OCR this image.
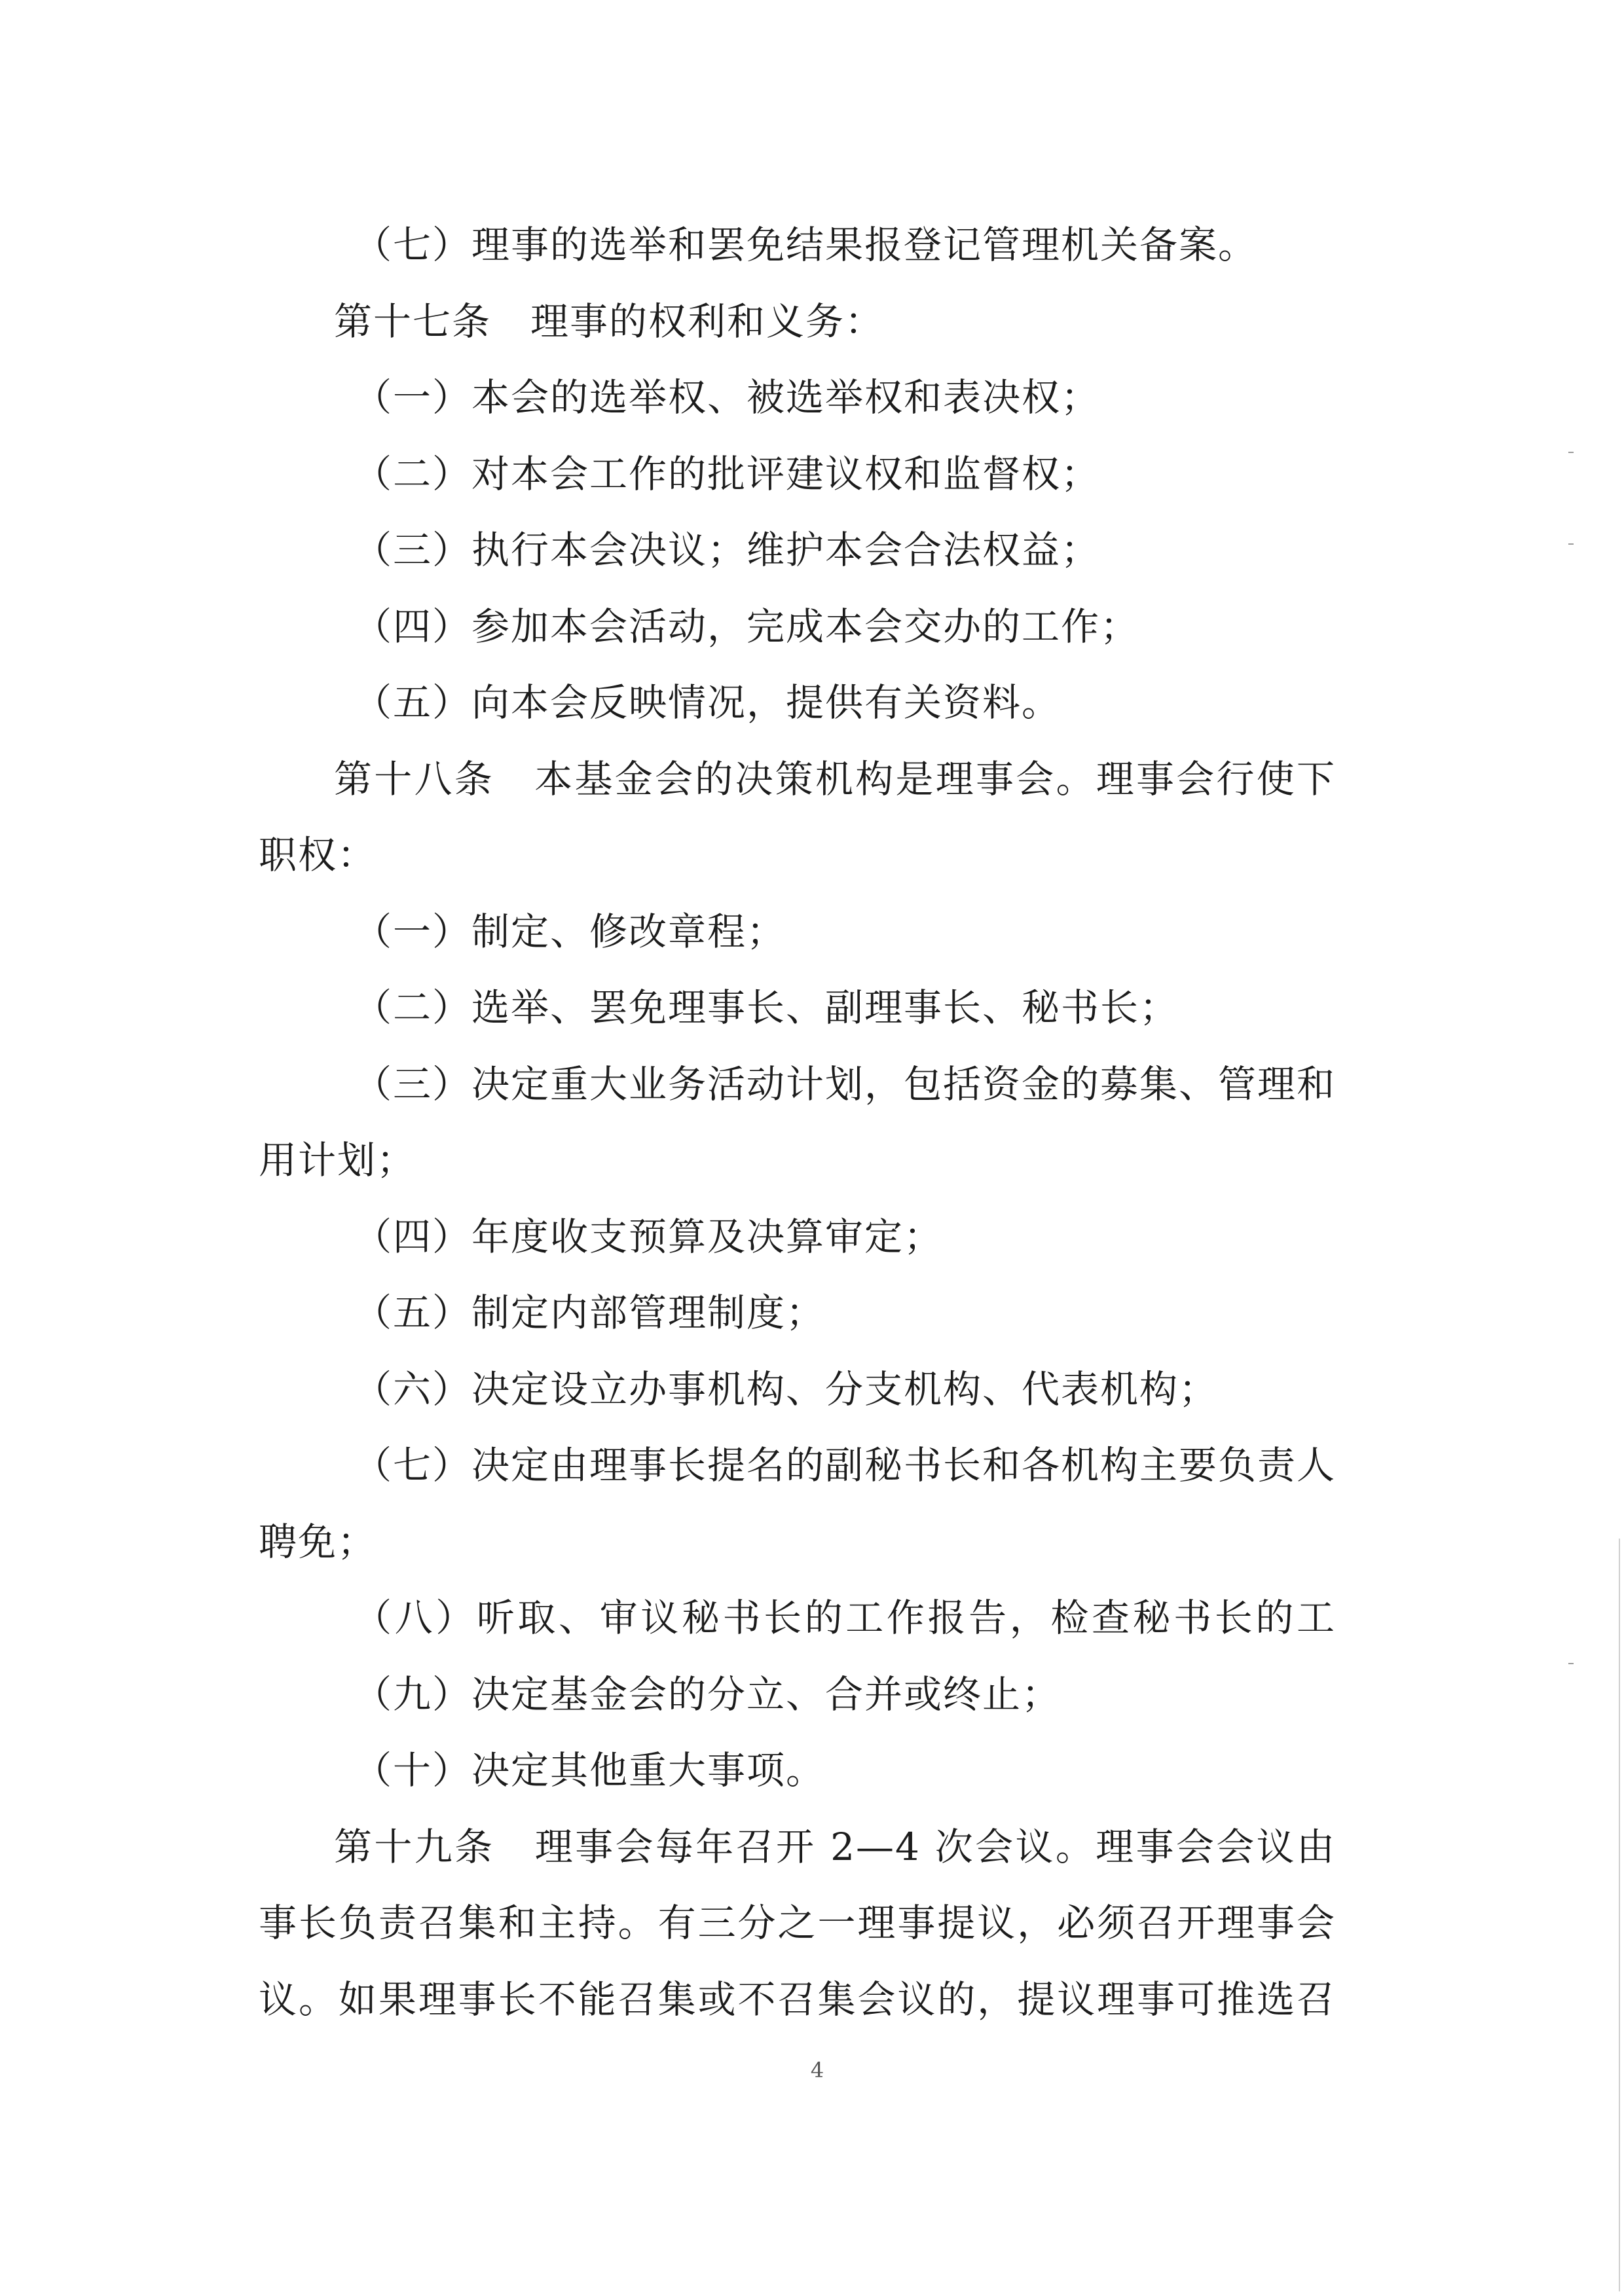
（七）理事的选举和罢免结果报登记管理机关备案。
第十七条　理事的权利和义务：
（一）本会的选举权、被选举权和表决权；
（二）对本会工作的批评建议权和监督权；
（三）执行本会决议；维护本会合法权益；
（四）参加本会活动，完成本会交办的工作；
（五）向本会反映情况，提供有关资料。
第十八条　本基金会的决策机构是理事会。理事会行使下
职权：
（一）制定、修改章程；
（二）选举、罢免理事长、副理事长、秘书长；
（三）决定重大业务活动计划，包括资金的募集、管理和
用计划；
（四）年度收支预算及决算审定；
（五）制定内部管理制度；
（六）决定设立办事机构、分支机构、代表机构；
（七）决定由理事长提名的副秘书长和各机构主要负责人
聘免；
（八）听取、审议秘书长的工作报告，检查秘书长的工
（九）决定基金会的分立、合并或终止；
（十）决定其他重大事项。
第十九条　理事会每年召开 2—4 次会议。理事会会议由
事长负责召集和主持。有三分之一理事提议，必须召开理事会
议。如果理事长不能召集或不召集会议的，提议理事可推选召
4
